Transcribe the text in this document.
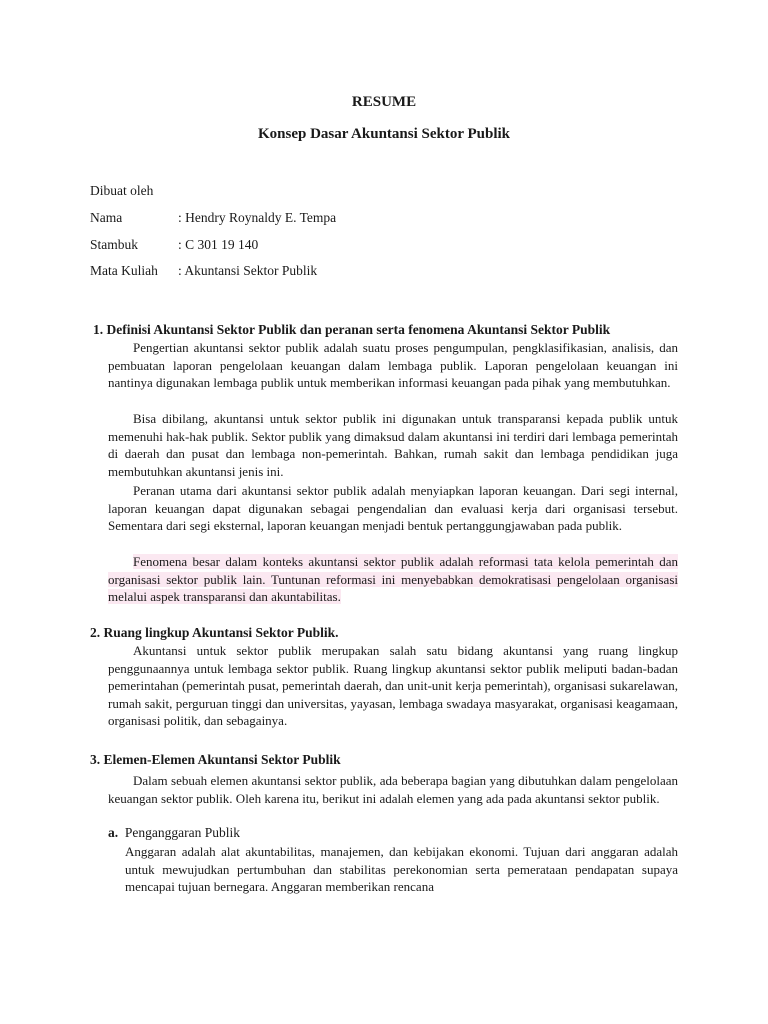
RESUME
Konsep Dasar Akuntansi Sektor Publik
Dibuat oleh
Nama	: Hendry Roynaldy E. Tempa
Stambuk	: C 301 19 140
Mata Kuliah : Akuntansi Sektor Publik
1. Definisi Akuntansi Sektor Publik dan peranan serta fenomena Akuntansi Sektor Publik

Pengertian akuntansi sektor publik adalah suatu proses pengumpulan, pengklasifikasian, analisis, dan pembuatan laporan pengelolaan keuangan dalam lembaga publik. Laporan pengelolaan keuangan ini nantinya digunakan lembaga publik untuk memberikan informasi keuangan pada pihak yang membutuhkan.

Bisa dibilang, akuntansi untuk sektor publik ini digunakan untuk transparansi kepada publik untuk memenuhi hak-hak publik. Sektor publik yang dimaksud dalam akuntansi ini terdiri dari lembaga pemerintah di daerah dan pusat dan lembaga non-pemerintah. Bahkan, rumah sakit dan lembaga pendidikan juga membutuhkan akuntansi jenis ini.

Peranan utama dari akuntansi sektor publik adalah menyiapkan laporan keuangan. Dari segi internal, laporan keuangan dapat digunakan sebagai pengendalian dan evaluasi kerja dari organisasi tersebut. Sementara dari segi eksternal, laporan keuangan menjadi bentuk pertanggungjawaban pada publik.

Fenomena besar dalam konteks akuntansi sektor publik adalah reformasi tata kelola pemerintah dan organisasi sektor publik lain. Tuntunan reformasi ini menyebabkan demokratisasi pengelolaan organisasi melalui aspek transparansi dan akuntabilitas.

2. Ruang lingkup Akuntansi Sektor Publik.

Akuntansi untuk sektor publik merupakan salah satu bidang akuntansi yang ruang lingkup penggunaannya untuk lembaga sektor publik. Ruang lingkup akuntansi sektor publik meliputi badan-badan pemerintahan (pemerintah pusat, pemerintah daerah, dan unit-unit kerja pemerintah), organisasi sukarelawan, rumah sakit, perguruan tinggi dan universitas, yayasan, lembaga swadaya masyarakat, organisasi keagamaan, organisasi politik, dan sebagainya.

3. Elemen-Elemen Akuntansi Sektor Publik

Dalam sebuah elemen akuntansi sektor publik, ada beberapa bagian yang dibutuhkan dalam pengelolaan keuangan sektor publik. Oleh karena itu, berikut ini adalah elemen yang ada pada akuntansi sektor publik.

a. Penganggaran Publik

Anggaran adalah alat akuntabilitas, manajemen, dan kebijakan ekonomi. Tujuan dari anggaran adalah untuk mewujudkan pertumbuhan dan stabilitas perekonomian serta pemerataan pendapatan supaya mencapai tujuan bernegara. Anggaran memberikan rencana
